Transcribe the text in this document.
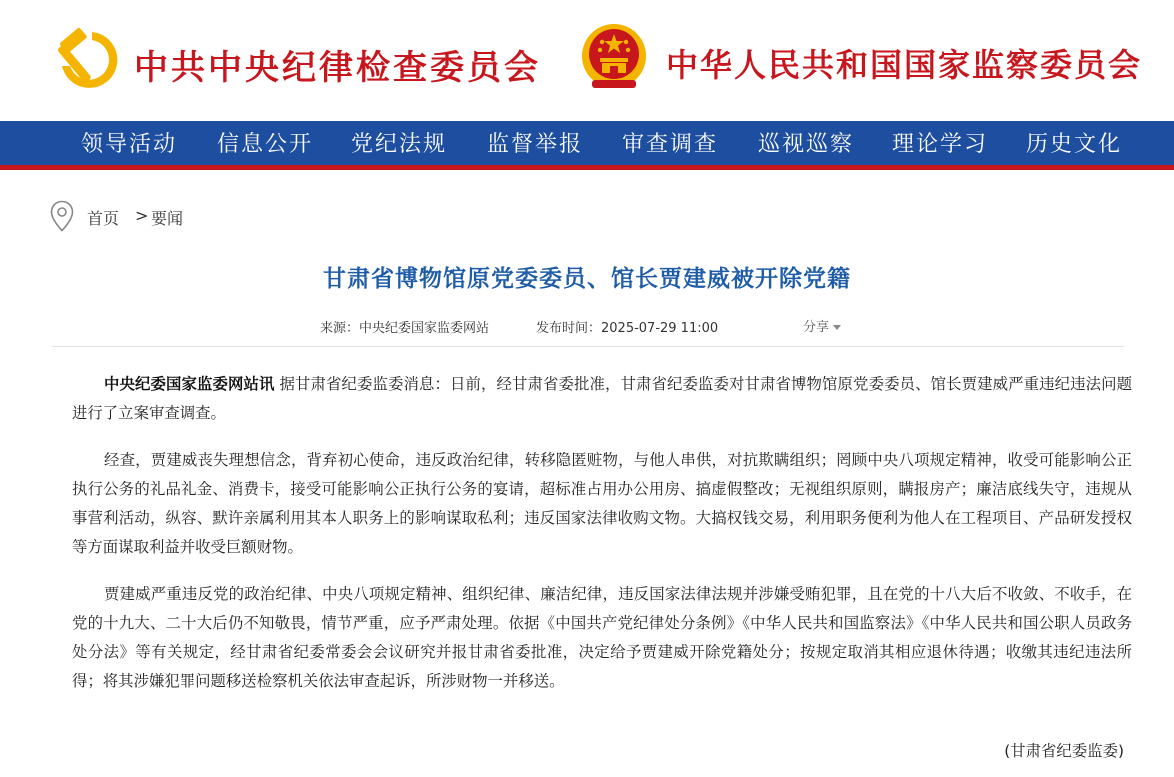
中共中央纪律检查委员会	中华人民共和国国家监察委员会
领导活动 信息公开 党纪法规 监督举报 审查调查 巡视巡察 理论学习 历史文化
首页 > 要闻
甘肃省博物馆原党委委员、馆长贾建威被开除党籍
来源：中央纪委国家监委网站	发布时间：2025-07-29 11:00	分享

中央纪委国家监委网站讯 据甘肃省纪委监委消息：日前，经甘肃省委批准，甘肃省纪委监委对甘肃省博物馆原党委委员、馆长贾建威严重违纪违法问题进行了立案审查调查。

经查，贾建威丧失理想信念，背弃初心使命，违反政治纪律，转移隐匿赃物，与他人串供，对抗欺瞒组织；罔顾中央八项规定精神，收受可能影响公正执行公务的礼品礼金、消费卡，接受可能影响公正执行公务的宴请，超标准占用办公用房、搞虚假整改；无视组织原则，瞒报房产；廉洁底线失守，违规从事营利活动，纵容、默许亲属利用其本人职务上的影响谋取私利；违反国家法律收购文物。大搞权钱交易，利用职务便利为他人在工程项目、产品研发授权等方面谋取利益并收受巨额财物。

贾建威严重违反党的政治纪律、中央八项规定精神、组织纪律、廉洁纪律，违反国家法律法规并涉嫌受贿犯罪，且在党的十八大后不收敛、不收手，在党的十九大、二十大后仍不知敬畏，情节严重，应予严肃处理。依据《中国共产党纪律处分条例》《中华人民共和国监察法》《中华人民共和国公职人员政务处分法》等有关规定，经甘肃省纪委常委会会议研究并报甘肃省委批准，决定给予贾建威开除党籍处分；按规定取消其相应退休待遇；收缴其违纪违法所得；将其涉嫌犯罪问题移送检察机关依法审查起诉，所涉财物一并移送。

(甘肃省纪委监委)
